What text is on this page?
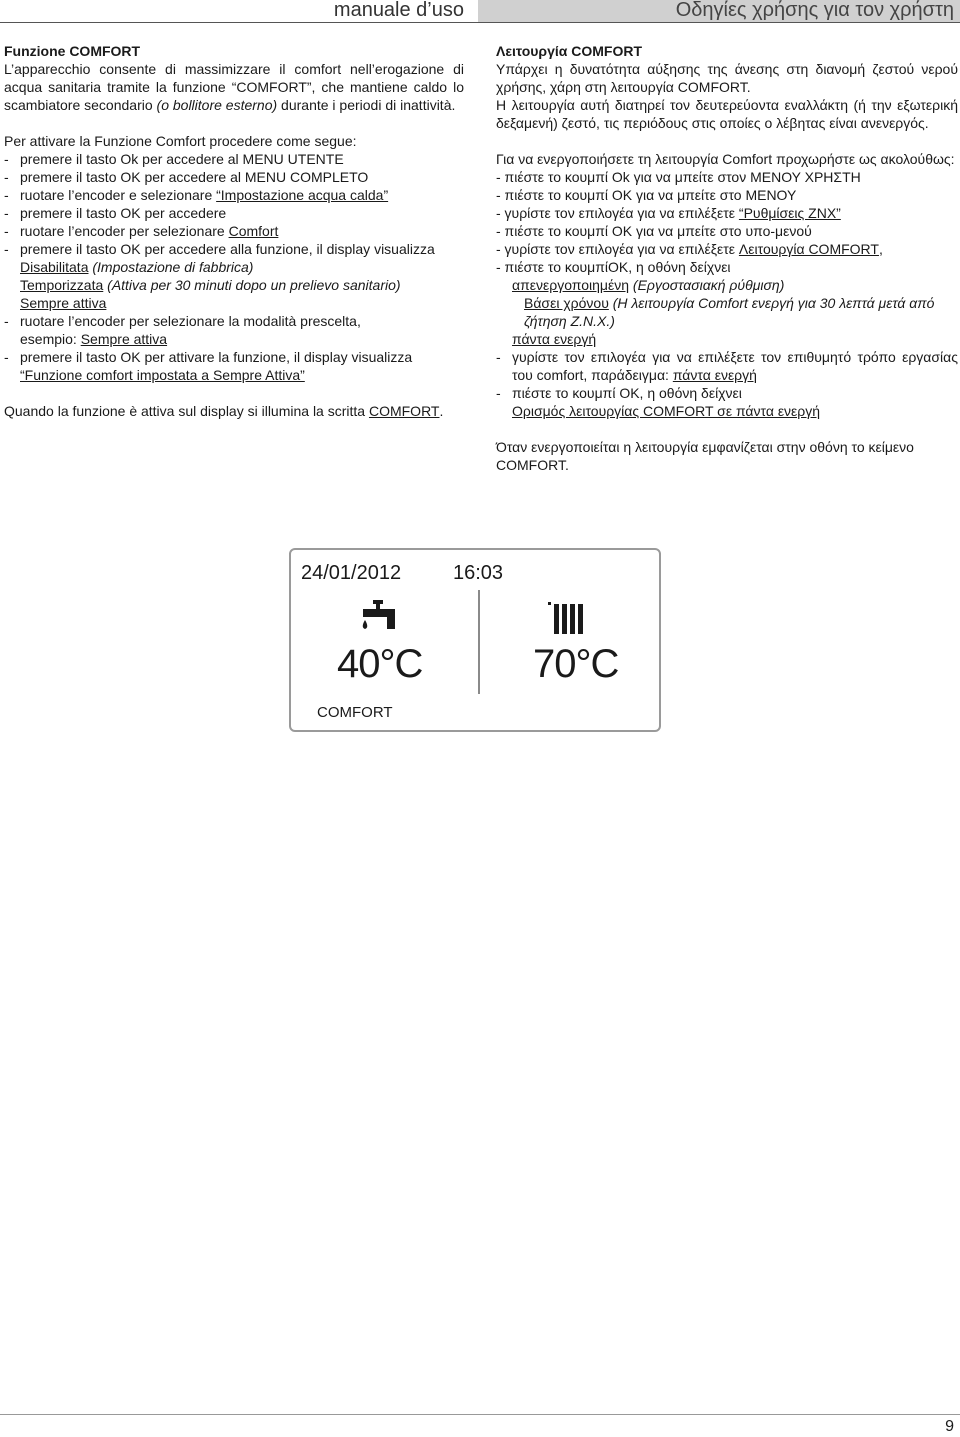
manuale d’uso	Οδηγίες χρήσης για τον χρήστη

Funzione COMFORT

L’apparecchio consente di massimizzare il comfort nell’erogazione di acqua sanitaria tramite la funzione “COMFORT”, che mantiene caldo lo scambiatore secondario (o bollitore esterno) durante i periodi di inattività.

Per attivare la Funzione Comfort procedere come segue:

- premere il tasto Ok per accedere al MENU UTENTE
- premere il tasto OK per accedere al MENU COMPLETO
- ruotare l’encoder e selezionare “Impostazione acqua calda”
- premere il tasto OK per accedere
- ruotare l’encoder per selezionare Comfort
- premere il tasto OK per accedere alla funzione, il display visualizza
Disabilitata (Impostazione di fabbrica)
Temporizzata (Attiva per 30 minuti dopo un prelievo sanitario)
Sempre attiva
- ruotare l’encoder per selezionare la modalità prescelta,
esempio: Sempre attiva
- premere il tasto OK per attivare la funzione, il display visualizza
“Funzione comfort impostata a Sempre Attiva”

Quando la funzione è attiva sul display si illumina la scritta COMFORT.

Λειτουργία COMFORT

Υπάρχει η δυνατότητα αύξησης της άνεσης στη διανομή ζεστού νερού χρήσης, χάρη στη λειτουργία COMFORT.

Η λειτουργία αυτή διατηρεί τον δευτερεύοντα εναλλάκτη (ή την εξωτερική δεξαμενή) ζεστό, τις περιόδους στις οποίες ο λέβητας είναι ανενεργός.

Για να ενεργοποιήσετε τη λειτουργία Comfort προχωρήστε ως ακολούθως:

- πιέστε το κουμπί Ok για να μπείτε στον ΜΕΝΟΥ ΧΡΗΣΤΗ

- πιέστε το κουμπί ΟΚ για να μπείτε στο ΜΕΝΟΥ

- γυρίστε τον επιλογέα για να επιλέξετε “Ρυθμίσεις ΖΝΧ”

- πιέστε το κουμπί ΟΚ για να μπείτε στο υπο-μενού

- γυρίστε τον επιλογέα για να επιλέξετε Λειτουργία COMFORT,

- πιέστε το κουμπίOK, η οθόνη δείχνει

απενεργοποιημένη (Εργοστασιακή ρύθμιση)

Βάσει χρόνου (Η λειτουργία Comfort ενεργή για 30 λεπτά μετά από ζήτηση Ζ.Ν.Χ.)

πάντα ενεργή

- γυρίστε τον επιλογέα για να επιλέξετε τον επιθυμητό τρόπο εργασίας του comfort, παράδειγμα: πάντα ενεργή
- πιέστε το κουμπί ΟΚ, η οθόνη δείχνει
Ορισμός λειτουργίας COMFORT σε πάντα ενεργή

Όταν ενεργοποιείται η λειτουργία εμφανίζεται στην οθόνη το κείμενο COMFORT.

24/01/2012	16:03
40°C	70°C
COMFORT
9
